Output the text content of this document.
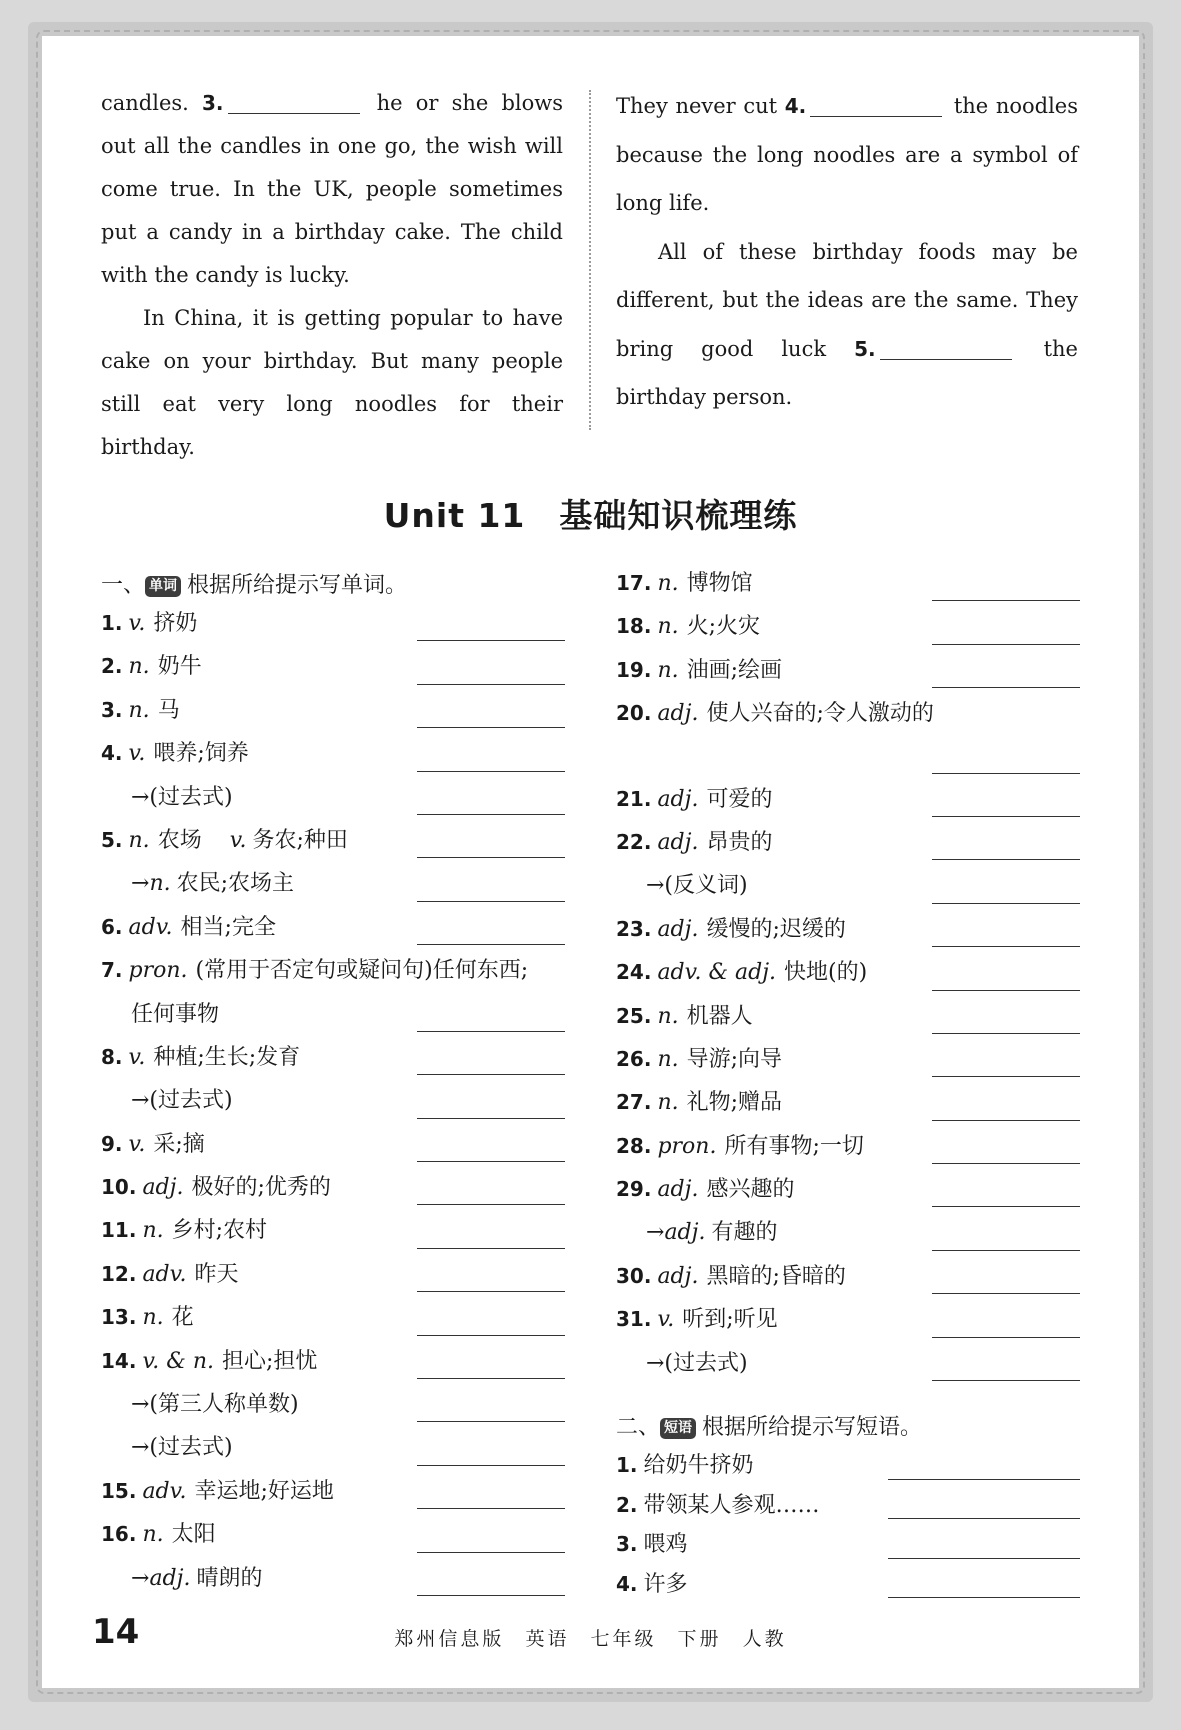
candles. 3.	he or she blows out all the candles in one go, the wish will come true. In the UK, people sometimes put a candy in a birthday cake. The child with the candy is lucky.

In China, it is getting popular to have cake on your birthday. But many people still eat very long noodles for their birthday.

They never cut 4.	the noodles because the long noodles are a symbol of long life.

All of these birthday foods may be different, but the ideas are the same. They bring good luck 5.	the birthday person.

Unit 11　基础知识梳理练
一、 单词 根据所给提示写单词。
1. v. 挤奶
2. n. 奶牛
3. n. 马
4. v. 喂养;饲养
→(过去式)
5. n. 农场 v. 务农;种田
→n. 农民;农场主
6. adv. 相当;完全
7. pron. (常用于否定句或疑问句)任何东西;
任何事物
8. v. 种植;生长;发育
→(过去式)
9. v. 采;摘
10. adj. 极好的;优秀的
11. n. 乡村;农村
12. adv. 昨天
13. n. 花
14. v. & n. 担心;担忧
→(第三人称单数)
→(过去式)
15. adv. 幸运地;好运地
16. n. 太阳
→adj. 晴朗的
17. n. 博物馆
18. n. 火;火灾
19. n. 油画;绘画
20. adj. 使人兴奋的;令人激动的
21. adj. 可爱的
22. adj. 昂贵的
→(反义词)
23. adj. 缓慢的;迟缓的
24. adv. & adj. 快地(的)
25. n. 机器人
26. n. 导游;向导
27. n. 礼物;赠品
28. pron. 所有事物;一切
29. adj. 感兴趣的
→adj. 有趣的
30. adj. 黑暗的;昏暗的
31. v. 听到;听见
→(过去式)
二、 短语 根据所给提示写短语。
1. 给奶牛挤奶
2. 带领某人参观……
3. 喂鸡
4. 许多
14	郑州信息版 英语 七年级 下册 人教
